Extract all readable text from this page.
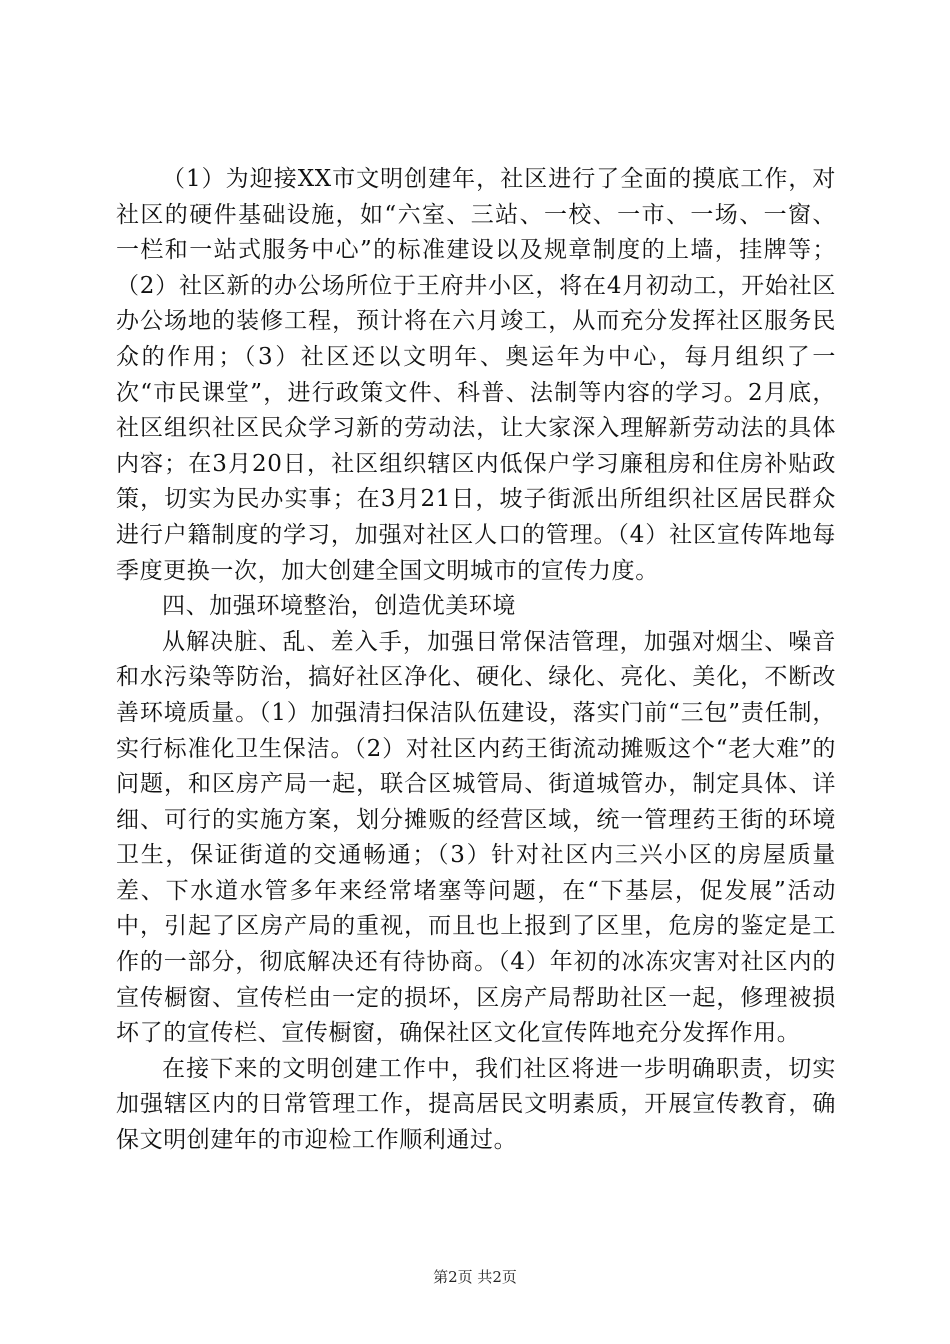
（1）为迎接XX市文明创建年，社区进行了全面的摸底工作，对社区的硬件基础设施，如“六室、三站、一校、一市、一场、一窗、一栏和一站式服务中心”的标准建设以及规章制度的上墙，挂牌等；（2）社区新的办公场所位于王府井小区，将在4月初动工，开始社区办公场地的装修工程，预计将在六月竣工，从而充分发挥社区服务民众的作用；（3）社区还以文明年、奥运年为中心，每月组织了一次“市民课堂”，进行政策文件、科普、法制等内容的学习。2月底，社区组织社区民众学习新的劳动法，让大家深入理解新劳动法的具体内容；在3月20日，社区组织辖区内低保户学习廉租房和住房补贴政策，切实为民办实事；在3月21日，坡子街派出所组织社区居民群众进行户籍制度的学习，加强对社区人口的管理。（4）社区宣传阵地每季度更换一次，加大创建全国文明城市的宣传力度。

四、加强环境整治，创造优美环境

从解决脏、乱、差入手，加强日常保洁管理，加强对烟尘、噪音和水污染等防治，搞好社区净化、硬化、绿化、亮化、美化，不断改善环境质量。（1）加强清扫保洁队伍建设，落实门前“三包”责任制，实行标准化卫生保洁。（2）对社区内药王街流动摊贩这个“老大难”的问题，和区房产局一起，联合区城管局、街道城管办，制定具体、详细、可行的实施方案，划分摊贩的经营区域，统一管理药王街的环境卫生，保证街道的交通畅通；（3）针对社区内三兴小区的房屋质量差、下水道水管多年来经常堵塞等问题，在“下基层，促发展”活动中，引起了区房产局的重视，而且也上报到了区里，危房的鉴定是工作的一部分，彻底解决还有待协商。（4）年初的冰冻灾害对社区内的宣传橱窗、宣传栏由一定的损坏，区房产局帮助社区一起，修理被损坏了的宣传栏、宣传橱窗，确保社区文化宣传阵地充分发挥作用。

在接下来的文明创建工作中，我们社区将进一步明确职责，切实加强辖区内的日常管理工作，提高居民文明素质，开展宣传教育，确保文明创建年的市迎检工作顺利通过。

第2页 共2页
